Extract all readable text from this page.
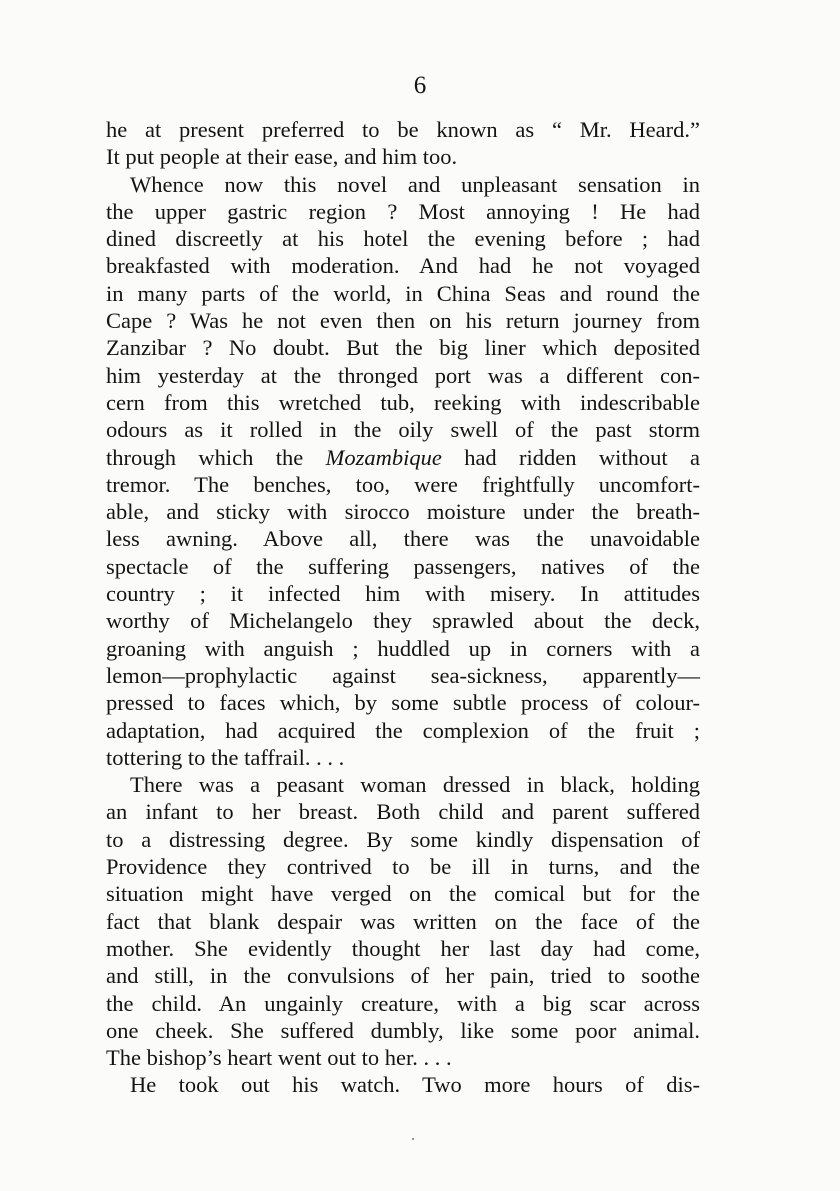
6
he at present preferred to be known as “ Mr. Heard.”
It put people at their ease, and him too.
Whence now this novel and unpleasant sensation in
the upper gastric region ? Most annoying ! He had
dined discreetly at his hotel the evening before ; had
breakfasted with moderation. And had he not voyaged
in many parts of the world, in China Seas and round the
Cape ? Was he not even then on his return journey from
Zanzibar ? No doubt. But the big liner which deposited
him yesterday at the thronged port was a different con-
cern from this wretched tub, reeking with indescribable
odours as it rolled in the oily swell of the past storm
through which the Mozambique had ridden without a
tremor. The benches, too, were frightfully uncomfort-
able, and sticky with sirocco moisture under the breath-
less awning. Above all, there was the unavoidable
spectacle of the suffering passengers, natives of the
country ; it infected him with misery. In attitudes
worthy of Michelangelo they sprawled about the deck,
groaning with anguish ; huddled up in corners with a
lemon—prophylactic against sea-sickness, apparently—
pressed to faces which, by some subtle process of colour-
adaptation, had acquired the complexion of the fruit ;
tottering to the taffrail. . . .
There was a peasant woman dressed in black, holding
an infant to her breast. Both child and parent suffered
to a distressing degree. By some kindly dispensation of
Providence they contrived to be ill in turns, and the
situation might have verged on the comical but for the
fact that blank despair was written on the face of the
mother. She evidently thought her last day had come,
and still, in the convulsions of her pain, tried to soothe
the child. An ungainly creature, with a big scar across
one cheek. She suffered dumbly, like some poor animal.
The bishop’s heart went out to her. . . .
He took out his watch. Two more hours of dis-
